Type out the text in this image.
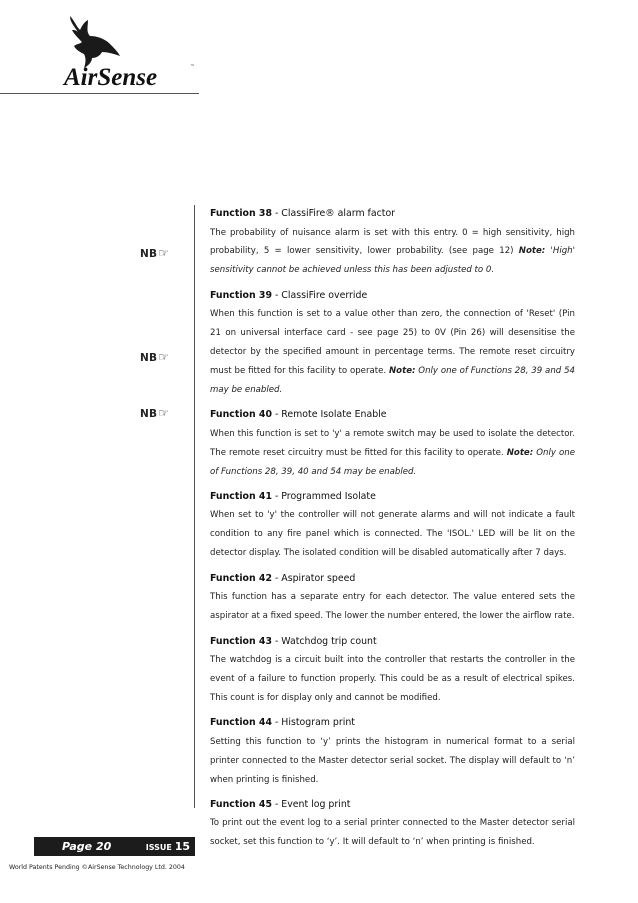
AirSense	™
NB☞
NB☞
NB☞
Function 38 - ClassiFire® alarm factor
The probability of nuisance alarm is set with this entry. 0 = high sensitivity, high probability, 5 = lower sensitivity, lower probability. (see page 12) Note: 'High' sensitivity cannot be achieved unless this has been adjusted to 0.
Function 39 - ClassiFire override
When this function is set to a value other than zero, the connection of 'Reset' (Pin 21 on universal interface card - see page 25) to 0V (Pin 26) will desensitise the detector by the specified amount in percentage terms. The remote reset circuitry must be fitted for this facility to operate. Note: Only one of Functions 28, 39 and 54 may be enabled.
Function 40 - Remote Isolate Enable
When this function is set to 'y' a remote switch may be used to isolate the detector. The remote reset circuitry must be fitted for this facility to operate. Note: Only one of Functions 28, 39, 40 and 54 may be enabled.
Function 41 - Programmed Isolate
When set to 'y' the controller will not generate alarms and will not indicate a fault condition to any fire panel which is connected. The 'ISOL.' LED will be lit on the detector display. The isolated condition will be disabled automatically after 7 days.
Function 42 - Aspirator speed
This function has a separate entry for each detector. The value entered sets the aspirator at a fixed speed. The lower the number entered, the lower the airflow rate.
Function 43 - Watchdog trip count
The watchdog is a circuit built into the controller that restarts the controller in the event of a failure to function properly. This could be as a result of electrical spikes. This count is for display only and cannot be modified.
Function 44 - Histogram print
Setting this function to ‘y’ prints the histogram in numerical format to a serial printer connected to the Master detector serial socket. The display will default to ‘n’ when printing is finished.
Function 45 - Event log print
To print out the event log to a serial printer connected to the Master detector serial socket, set this function to ‘y’. It will default to ‘n’ when printing is finished.
Page 20	ISSUE 15
World Patents Pending ©AirSense Technology Ltd. 2004
